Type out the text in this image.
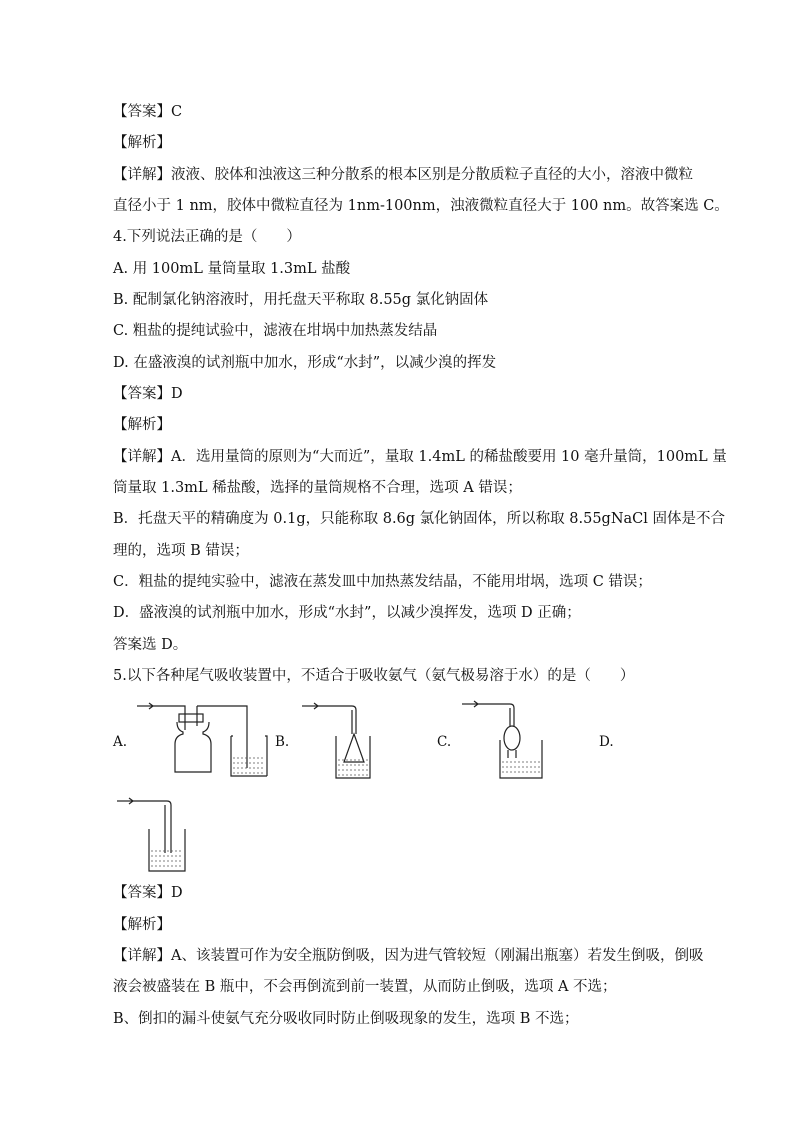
【答案】C
【解析】
【详解】液液、胶体和浊液这三种分散系的根本区别是分散质粒子直径的大小，溶液中微粒
直径小于 1 nm，胶体中微粒直径为 1nm-100nm，浊液微粒直径大于 100 nm。故答案选 C。
4.下列说法正确的是（　　）
A. 用 100mL 量筒量取 1.3mL 盐酸
B. 配制氯化钠溶液时，用托盘天平称取 8.55g 氯化钠固体
C. 粗盐的提纯试验中，滤液在坩埚中加热蒸发结晶
D. 在盛液溴的试剂瓶中加水，形成“水封”，以减少溴的挥发
【答案】D
【解析】
【详解】A．选用量筒的原则为“大而近”，量取 1.4mL 的稀盐酸要用 10 毫升量筒，100mL 量
筒量取 1.3mL 稀盐酸，选择的量筒规格不合理，选项 A 错误；
B．托盘天平的精确度为 0.1g，只能称取 8.6g 氯化钠固体，所以称取 8.55gNaCl 固体是不合
理的，选项 B 错误；
C．粗盐的提纯实验中，滤液在蒸发皿中加热蒸发结晶，不能用坩埚，选项 C 错误；
D．盛液溴的试剂瓶中加水，形成“水封”，以减少溴挥发，选项 D 正确；
答案选 D。
5.以下各种尾气吸收装置中，不适合于吸收氨气（氨气极易溶于水）的是（　　）
A.	B.	C.	D.
【答案】D
【解析】
【详解】A、该装置可作为安全瓶防倒吸，因为进气管较短（刚漏出瓶塞）若发生倒吸，倒吸
液会被盛装在 B 瓶中，不会再倒流到前一装置，从而防止倒吸，选项 A 不选；
B、倒扣的漏斗使氨气充分吸收同时防止倒吸现象的发生，选项 B 不选；
